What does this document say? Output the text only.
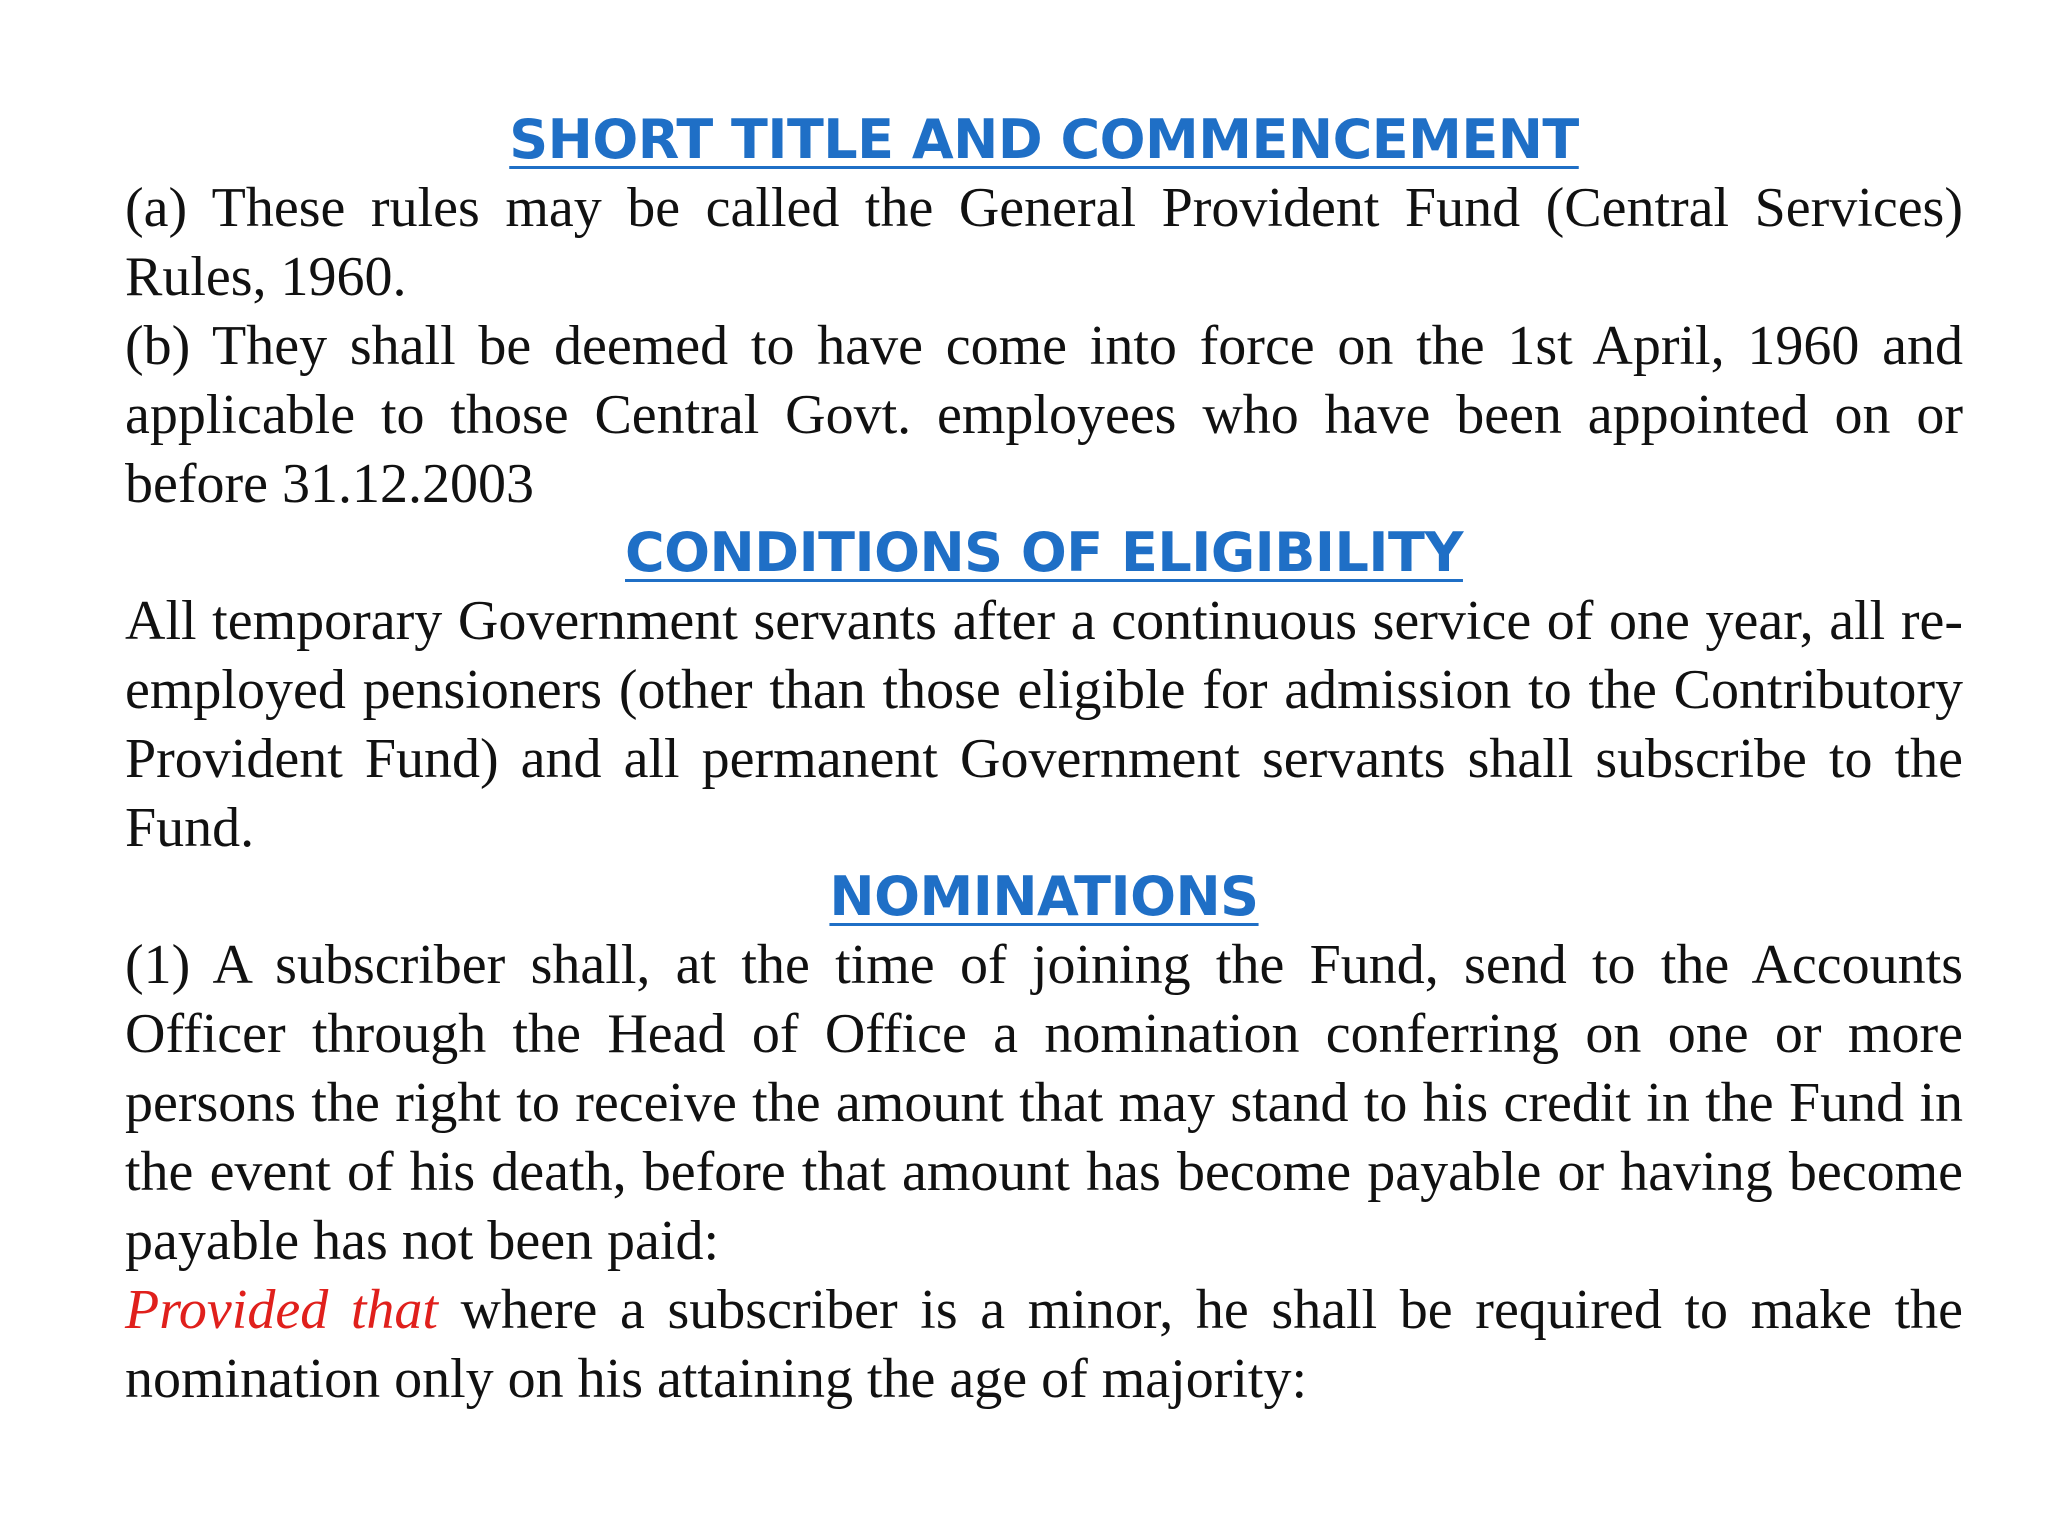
SHORT TITLE AND COMMENCEMENT

(a) These rules may be called the General Provident Fund (Central Services) Rules, 1960.

(b) They shall be deemed to have come into force on the 1st April, 1960 and applicable to those Central Govt. employees who have been appointed on or before 31.12.2003

CONDITIONS OF ELIGIBILITY

All temporary Government servants after a continuous service of one year, all re-employed pensioners (other than those eligible for admission to the Contributory Provident Fund) and all permanent Government servants shall subscribe to the Fund.

NOMINATIONS

(1) A subscriber shall, at the time of joining the Fund, send to the Accounts Officer through the Head of Office a nomination conferring on one or more persons the right to receive the amount that may stand to his credit in the Fund in the event of his death, before that amount has become payable or having become payable has not been paid:

Provided that where a subscriber is a minor, he shall be required to make the nomination only on his attaining the age of majority:
